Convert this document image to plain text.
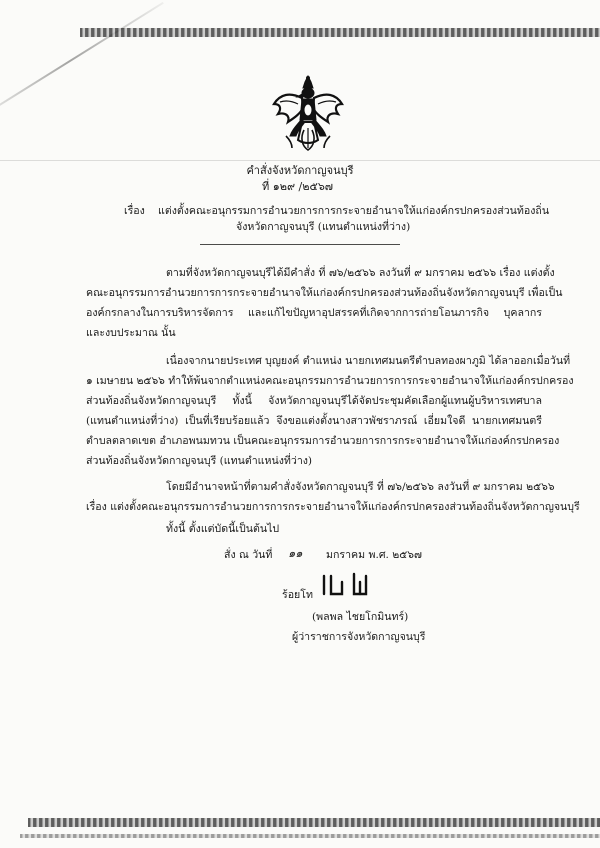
คำสั่งจังหวัดกาญจนบุรี
ที่ ๑๒๙ /๒๕๖๗
เรื่อง แต่งตั้งคณะอนุกรรมการอำนวยการการกระจายอำนาจให้แก่องค์กรปกครองส่วนท้องถิ่น
จังหวัดกาญจนบุรี (แทนตำแหน่งที่ว่าง)
ตามที่จังหวัดกาญจนบุรีได้มีคำสั่ง ที่ ๗๖/๒๕๖๖ ลงวันที่ ๙ มกราคม ๒๕๖๖ เรื่อง แต่งตั้ง
คณะอนุกรรมการอำนวยการการกระจายอำนาจให้แก่องค์กรปกครองส่วนท้องถิ่นจังหวัดกาญจนบุรี เพื่อเป็น
องค์กรกลางในการบริหารจัดการ และแก้ไขปัญหาอุปสรรคที่เกิดจากการถ่ายโอนภารกิจ บุคลากร
และงบประมาณ นั้น
เนื่องจากนายประเทศ บุญยงค์ ตำแหน่ง นายกเทศมนตรีตำบลทองผาภูมิ ได้ลาออกเมื่อวันที่
๑ เมษายน ๒๕๖๖ ทำให้พ้นจากตำแหน่งคณะอนุกรรมการอำนวยการการกระจายอำนาจให้แก่องค์กรปกครอง
ส่วนท้องถิ่นจังหวัดกาญจนบุรี ทั้งนี้ จังหวัดกาญจนบุรีได้จัดประชุมคัดเลือกผู้แทนผู้บริหารเทศบาล
(แทนตำแหน่งที่ว่าง) เป็นที่เรียบร้อยแล้ว จึงขอแต่งตั้งนางสาวพัชราภรณ์ เอี่ยมใจดี นายกเทศมนตรี
ตำบลตลาดเขต อำเภอพนมทวน เป็นคณะอนุกรรมการอำนวยการการกระจายอำนาจให้แก่องค์กรปกครอง
ส่วนท้องถิ่นจังหวัดกาญจนบุรี (แทนตำแหน่งที่ว่าง)
โดยมีอำนาจหน้าที่ตามคำสั่งจังหวัดกาญจนบุรี ที่ ๗๖/๒๕๖๖ ลงวันที่ ๙ มกราคม ๒๕๖๖
เรื่อง แต่งตั้งคณะอนุกรรมการอำนวยการการกระจายอำนาจให้แก่องค์กรปกครองส่วนท้องถิ่นจังหวัดกาญจนบุรี
ทั้งนี้ ตั้งแต่บัดนี้เป็นต้นไป
สั่ง ณ วันที่ ๑๑ มกราคม พ.ศ. ๒๕๖๗
ร้อยโท
(พลพล ไชยโกมินทร์)
ผู้ว่าราชการจังหวัดกาญจนบุรี
